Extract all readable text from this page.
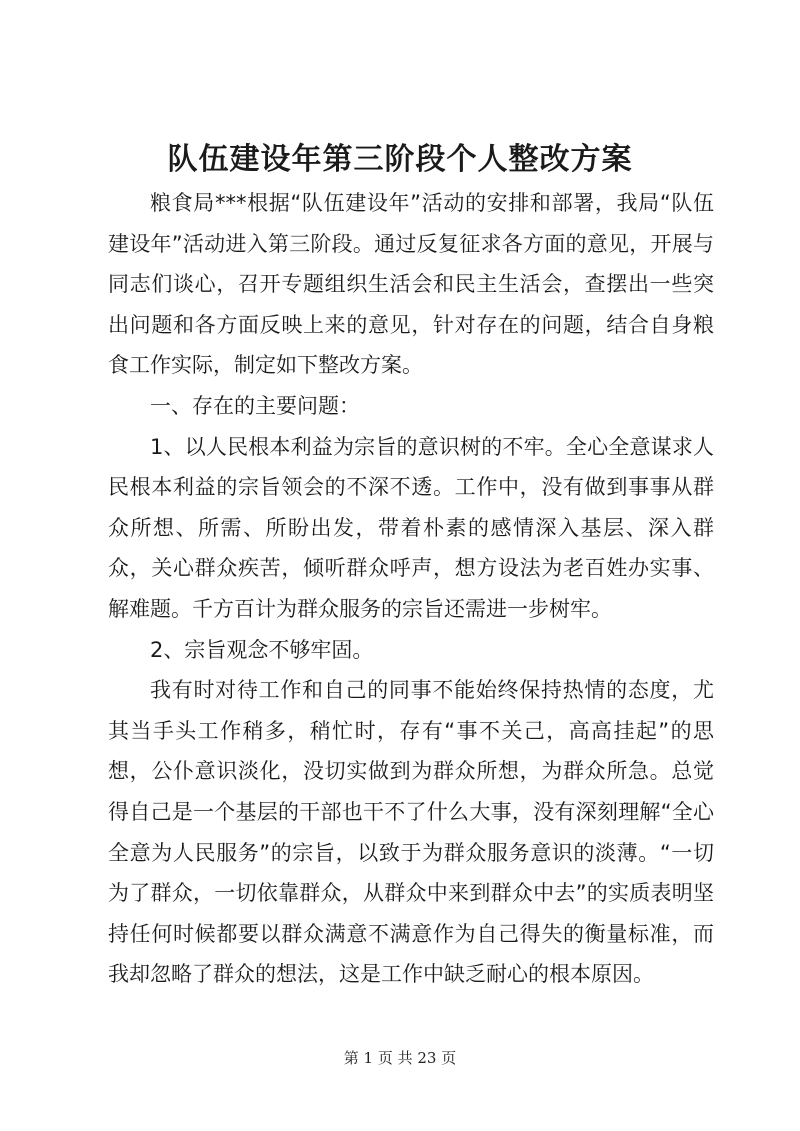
队伍建设年第三阶段个人整改方案

粮食局***根据“队伍建设年”活动的安排和部署，我局“队伍建设年”活动进入第三阶段。通过反复征求各方面的意见，开展与同志们谈心，召开专题组织生活会和民主生活会，查摆出一些突出问题和各方面反映上来的意见，针对存在的问题，结合自身粮食工作实际，制定如下整改方案。

一、存在的主要问题：

1、以人民根本利益为宗旨的意识树的不牢。全心全意谋求人民根本利益的宗旨领会的不深不透。工作中，没有做到事事从群众所想、所需、所盼出发，带着朴素的感情深入基层、深入群众，关心群众疾苦，倾听群众呼声，想方设法为老百姓办实事、解难题。千方百计为群众服务的宗旨还需进一步树牢。

2、宗旨观念不够牢固。

我有时对待工作和自己的同事不能始终保持热情的态度，尤其当手头工作稍多，稍忙时，存有“事不关己，高高挂起”的思想，公仆意识淡化，没切实做到为群众所想，为群众所急。总觉得自己是一个基层的干部也干不了什么大事，没有深刻理解“全心全意为人民服务”的宗旨，以致于为群众服务意识的淡薄。“一切为了群众，一切依靠群众，从群众中来到群众中去”的实质表明坚持任何时候都要以群众满意不满意作为自己得失的衡量标准，而我却忽略了群众的想法，这是工作中缺乏耐心的根本原因。

第 1 页 共 23 页
